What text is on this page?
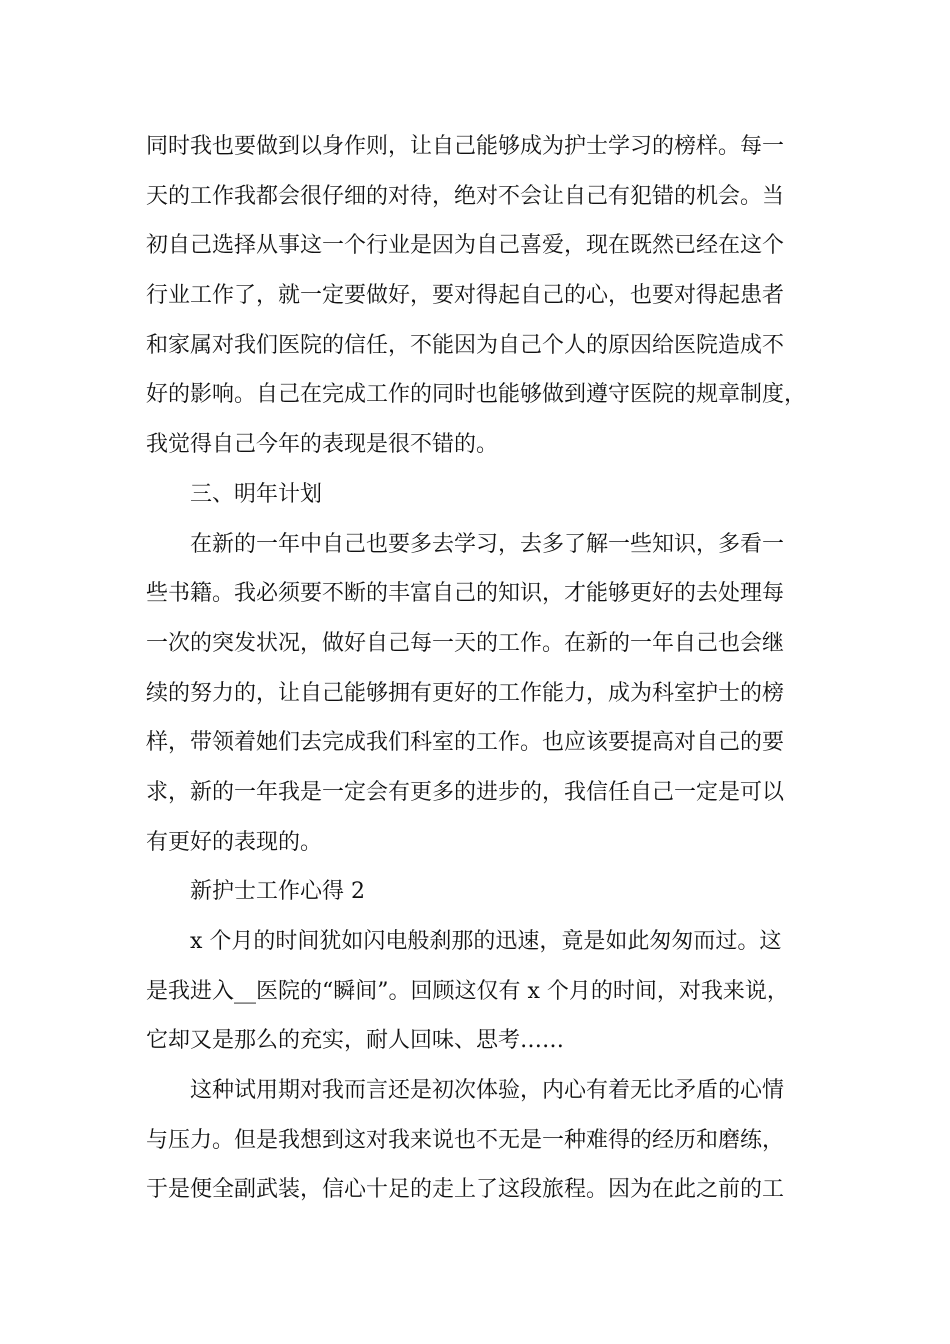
同时我也要做到以身作则，让自己能够成为护士学习的榜样。每一
天的工作我都会很仔细的对待，绝对不会让自己有犯错的机会。当
初自己选择从事这一个行业是因为自己喜爱，现在既然已经在这个
行业工作了，就一定要做好，要对得起自己的心，也要对得起患者
和家属对我们医院的信任，不能因为自己个人的原因给医院造成不
好的影响。自己在完成工作的同时也能够做到遵守医院的规章制度，
我觉得自己今年的表现是很不错的。
三、明年计划
在新的一年中自己也要多去学习，去多了解一些知识，多看一
些书籍。我必须要不断的丰富自己的知识，才能够更好的去处理每
一次的突发状况，做好自己每一天的工作。在新的一年自己也会继
续的努力的，让自己能够拥有更好的工作能力，成为科室护士的榜
样，带领着她们去完成我们科室的工作。也应该要提高对自己的要
求，新的一年我是一定会有更多的进步的，我信任自己一定是可以
有更好的表现的。
新护士工作心得 2
x 个月的时间犹如闪电般刹那的迅速，竟是如此匆匆而过。这
是我进入__医院的“瞬间”。回顾这仅有 x 个月的时间，对我来说，
它却又是那么的充实，耐人回味、思考……
这种试用期对我而言还是初次体验，内心有着无比矛盾的心情
与压力。但是我想到这对我来说也不无是一种难得的经历和磨练，
于是便全副武装，信心十足的走上了这段旅程。因为在此之前的工
